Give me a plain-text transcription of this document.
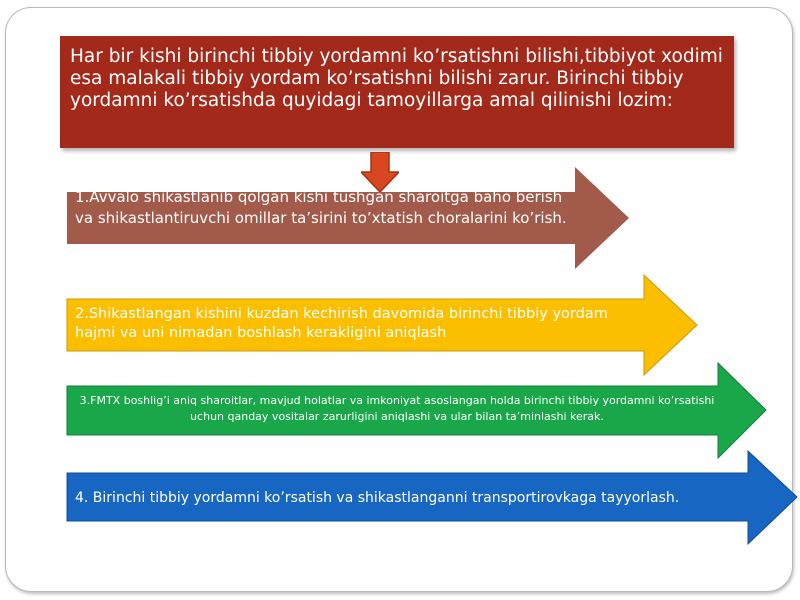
Har bir kishi birinchi tibbiy yordamni ko’rsatishni bilishi,tibbiyot xodimi esa malakali tibbiy yordam ko’rsatishni bilishi zarur. Birinchi tibbiy yordamni ko’rsatishda quyidagi tamoyillarga amal qilinishi lozim:
1.Avvalo shikastlanib qolgan kishi tushgan sharoitga baho berish va shikastlantiruvchi omillar ta’sirini to’xtatish choralarini ko’rish.
2.Shikastlangan kishini kuzdan kechirish davomida birinchi tibbiy yordam hajmi va uni nimadan boshlash kerakligini aniqlash
3.FMTX boshlig’i aniq sharoitlar, mavjud holatlar va imkoniyat asoslangan holda birinchi tibbiy yordamni ko’rsatishi uchun qanday vositalar zarurligini aniqlashi va ular bilan ta’minlashi kerak.
4. Birinchi tibbiy yordamni ko’rsatish va shikastlanganni transportirovkaga tayyorlash.
